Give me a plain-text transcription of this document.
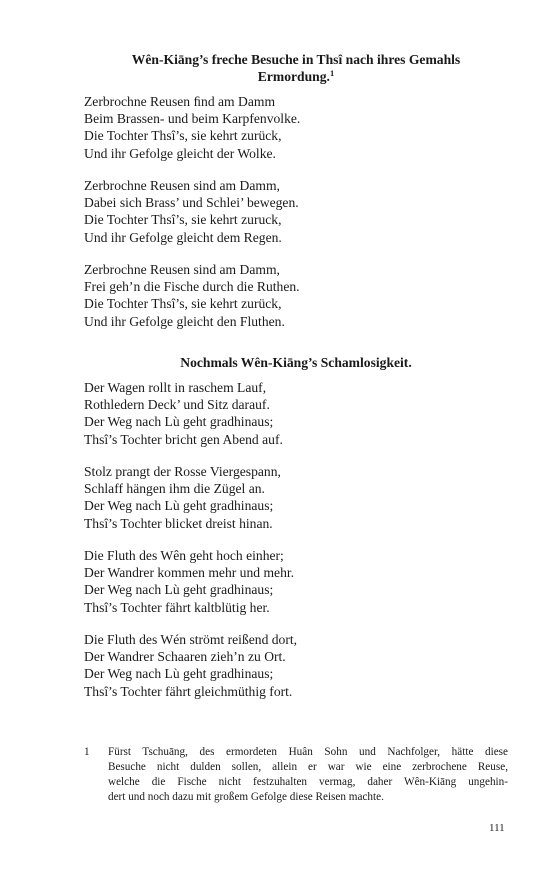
Wên-Kiāng’s freche Besuche in Thsî nach ihres Gemahls
Ermordung.$^1$
Zerbrochne Reusen ﬁnd am Damm
Beim Brassen- und beim Karpfenvolke.
Die Tochter Thsî’s, sie kehrt zurück,
Und ihr Gefolge gleicht der Wolke.
Zerbrochne Reusen sind am Damm,
Dabei sich Brass’ und Schlei’ bewegen.
Die Tochter Thsî’s, sie kehrt zuruck,
Und ihr Gefolge gleicht dem Regen.
Zerbrochne Reusen sind am Damm,
Frei geh’n die Fische durch die Ruthen.
Die Tochter Thsî’s, sie kehrt zurück,
Und ihr Gefolge gleicht den Fluthen.
Nochmals Wên-Kiāng’s Schamlosigkeit.
Der Wagen rollt in raschem Lauf,
Rothledern Deck’ und Sitz darauf.
Der Weg nach Lù geht gradhinaus;
Thsî’s Tochter bricht gen Abend auf.
Stolz prangt der Rosse Viergespann,
Schlaff hängen ihm die Zügel an.
Der Weg nach Lù geht gradhinaus;
Thsî’s Tochter blicket dreist hinan.
Die Fluth des Wên geht hoch einher;
Der Wandrer kommen mehr und mehr.
Der Weg nach Lù geht gradhinaus;
Thsî’s Tochter fährt kaltblütig her.
Die Fluth des Wén strömt reißend dort,
Der Wandrer Schaaren zieh’n zu Ort.
Der Weg nach Lù geht gradhinaus;
Thsî’s Tochter fährt gleichmüthig fort.
1 Fürst Tschuāng, des ermordeten Huân Sohn und Nachfolger, hätte diese
Besuche nicht dulden sollen, allein er war wie eine zerbrochene Reuse,
welche die Fische nicht festzuhalten vermag, daher Wên-Kiāng ungehin-
dert und noch dazu mit großem Gefolge diese Reisen machte.
111
